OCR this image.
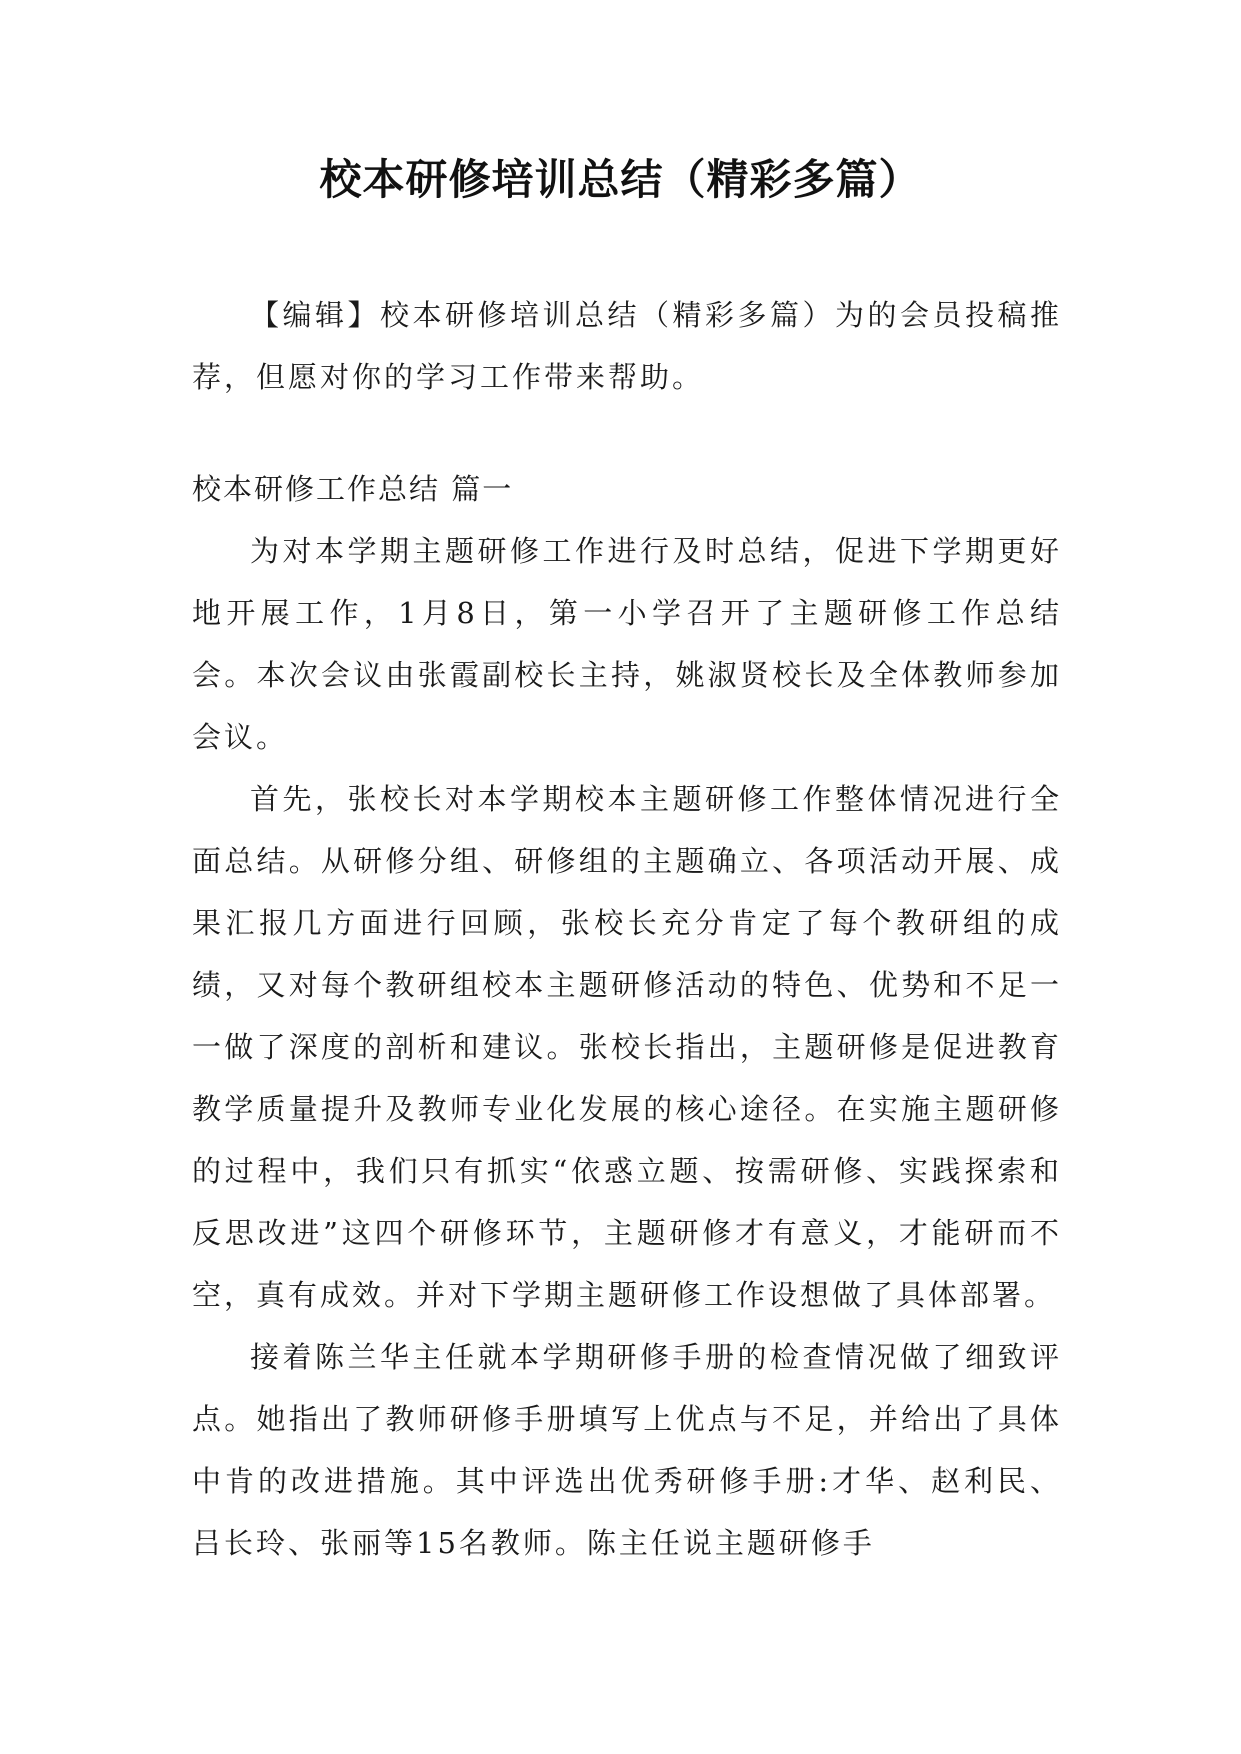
校本研修培训总结（精彩多篇）

【编辑】校本研修培训总结（精彩多篇）为的会员投稿推荐，但愿对你的学习工作带来帮助。

校本研修工作总结 篇一

为对本学期主题研修工作进行及时总结，促进下学期更好地开展工作，1月8日，第一小学召开了主题研修工作总结会。本次会议由张霞副校长主持，姚淑贤校长及全体教师参加会议。

首先，张校长对本学期校本主题研修工作整体情况进行全面总结。从研修分组、研修组的主题确立、各项活动开展、成果汇报几方面进行回顾，张校长充分肯定了每个教研组的成绩，又对每个教研组校本主题研修活动的特色、优势和不足一一做了深度的剖析和建议。张校长指出，主题研修是促进教育教学质量提升及教师专业化发展的核心途径。在实施主题研修的过程中，我们只有抓实“依惑立题、按需研修、实践探索和反思改进”这四个研修环节，主题研修才有意义，才能研而不空，真有成效。并对下学期主题研修工作设想做了具体部署。

接着陈兰华主任就本学期研修手册的检查情况做了细致评点。她指出了教师研修手册填写上优点与不足，并给出了具体中肯的改进措施。其中评选出优秀研修手册:才华、赵利民、吕长玲、张丽等15名教师。陈主任说主题研修手
